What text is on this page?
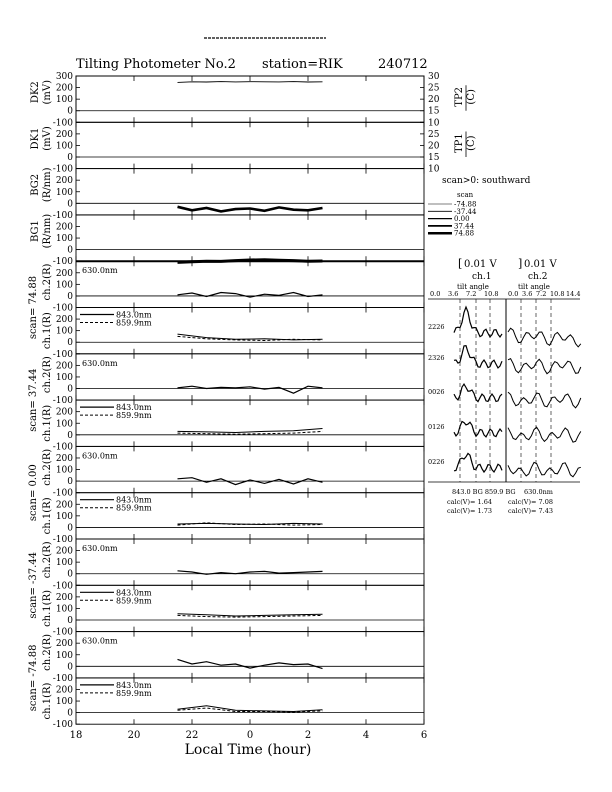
Tilting Photometer No.2 station=RIK	240712
300
200
100
0
-100
200
100
0
-100
200
100
0
-100
200
100
0
-100
200
100
0
-100
200
100
0
-100
200
100
0
-100
200
100
0
-100
200
100
0
-100
200
100
0
-100
200
100
0
-100
200
100
0
-100
200
100
0
-100
200
100
0
-100
DK2 (mV)
DK1 (mV)
BG2 (R/nm)
BG1 (R/nm)
30
25
20
15
10
TP2 (C)
25
20
15
10
TP1 (C)
scan= 74.88 ch.2(R)
ch.1(R)
630.0nm
843.0nm
859.9nm
scan= 37.44 ch.2(R)
ch.1(R)
630.0nm
843.0nm
859.9nm
scan= 0.00 ch.2(R)
ch.1(R)
630.0nm
843.0nm
859.9nm
scan= -37.44 ch.2(R)
ch.1(R)
630.0nm
843.0nm
859.9nm
scan= -74.88 ch.2(R)
ch.1(R)
630.0nm
843.0nm
859.9nm
18	20	22	0	2	4	6
Local Time (hour)
scan>0: southward
scan
-74.88
-37.44
0.00
37.44
74.88
[ 0.01 V
ch.1
] 0.01 V
ch.2
tilt angle	tilt angle
0.0 3.6 7.2 10.8 0.0 3.6 7.2 10.8 14.4
2226
2326
0026
0126
0226
843.0 BG 859.9 BG 630.0nm
calc(V)= 1.64
calc(V)= 1.73
calc(V)= 7.08
calc(V)= 7.43
